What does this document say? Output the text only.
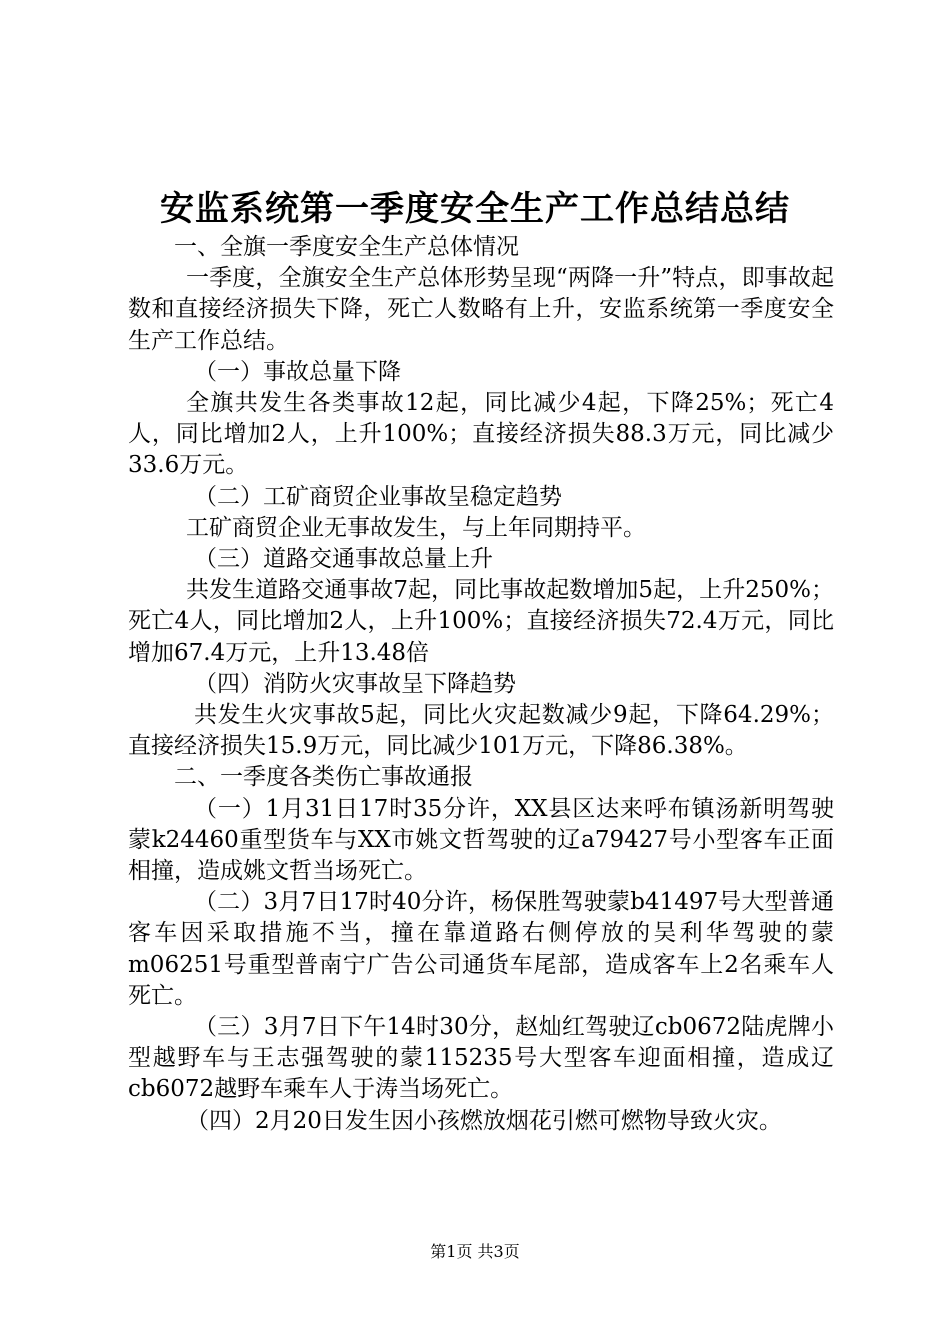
安监系统第一季度安全生产工作总结总结

一、全旗一季度安全生产总体情况

一季度，全旗安全生产总体形势呈现“两降一升”特点，即事故起数和直接经济损失下降，死亡人数略有上升，安监系统第一季度安全生产工作总结。

（一）事故总量下降

全旗共发生各类事故12起，同比减少4起，下降25%；死亡4人，同比增加2人，上升100%；直接经济损失88.3万元，同比减少33.6万元。

（二）工矿商贸企业事故呈稳定趋势

工矿商贸企业无事故发生，与上年同期持平。

（三）道路交通事故总量上升

共发生道路交通事故7起，同比事故起数增加5起，上升250%；死亡4人，同比增加2人，上升100%；直接经济损失72.4万元，同比增加67.4万元，上升13.48倍

（四）消防火灾事故呈下降趋势

共发生火灾事故5起，同比火灾起数减少9起，下降64.29%；直接经济损失15.9万元，同比减少101万元，下降86.38%。

二、一季度各类伤亡事故通报

（一）1月31日17时35分许，XX县区达来呼布镇汤新明驾驶蒙k24460重型货车与XX市姚文哲驾驶的辽a79427号小型客车正面相撞，造成姚文哲当场死亡。

（二）3月7日17时40分许，杨保胜驾驶蒙b41497号大型普通客车因采取措施不当，撞在靠道路右侧停放的吴利华驾驶的蒙m06251号重型普南宁广告公司通货车尾部，造成客车上2名乘车人死亡。

（三）3月7日下午14时30分，赵灿红驾驶辽cb0672陆虎牌小型越野车与王志强驾驶的蒙115235号大型客车迎面相撞，造成辽cb6072越野车乘车人于涛当场死亡。

（四）2月20日发生因小孩燃放烟花引燃可燃物导致火灾。

第1页 共3页
